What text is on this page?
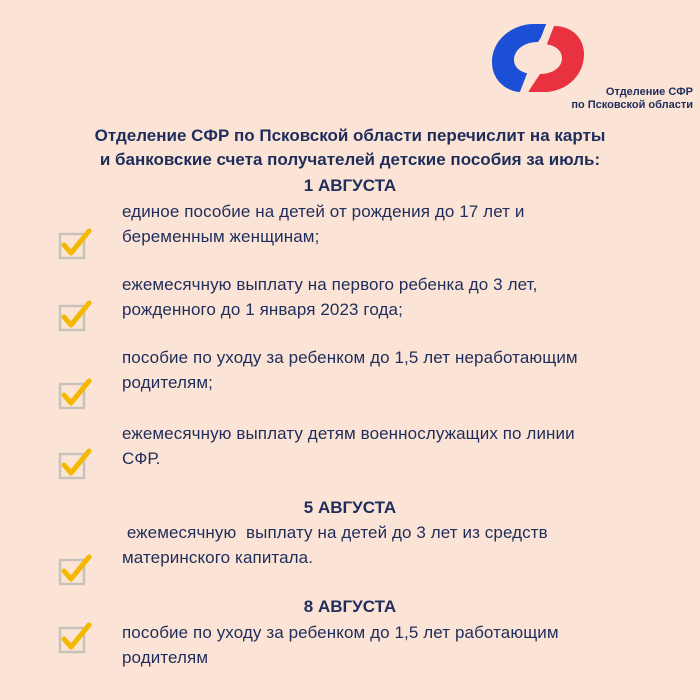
Отделение СФР
по Псковской области
Отделение СФР по Псковской области перечислит на карты
и банковские счета получателей детские пособия за июль:
1 АВГУСТА
единое пособие на детей от рождения до 17 лет и
беременным женщинам;
ежемесячную выплату на первого ребенка до 3 лет,
рожденного до 1 января 2023 года;
пособие по уходу за ребенком до 1,5 лет неработающим
родителям;
ежемесячную выплату детям военнослужащих по линии
СФР.
5 АВГУСТА
ежемесячную  выплату на детей до 3 лет из средств
материнского капитала.
8 АВГУСТА
пособие по уходу за ребенком до 1,5 лет работающим
родителям
